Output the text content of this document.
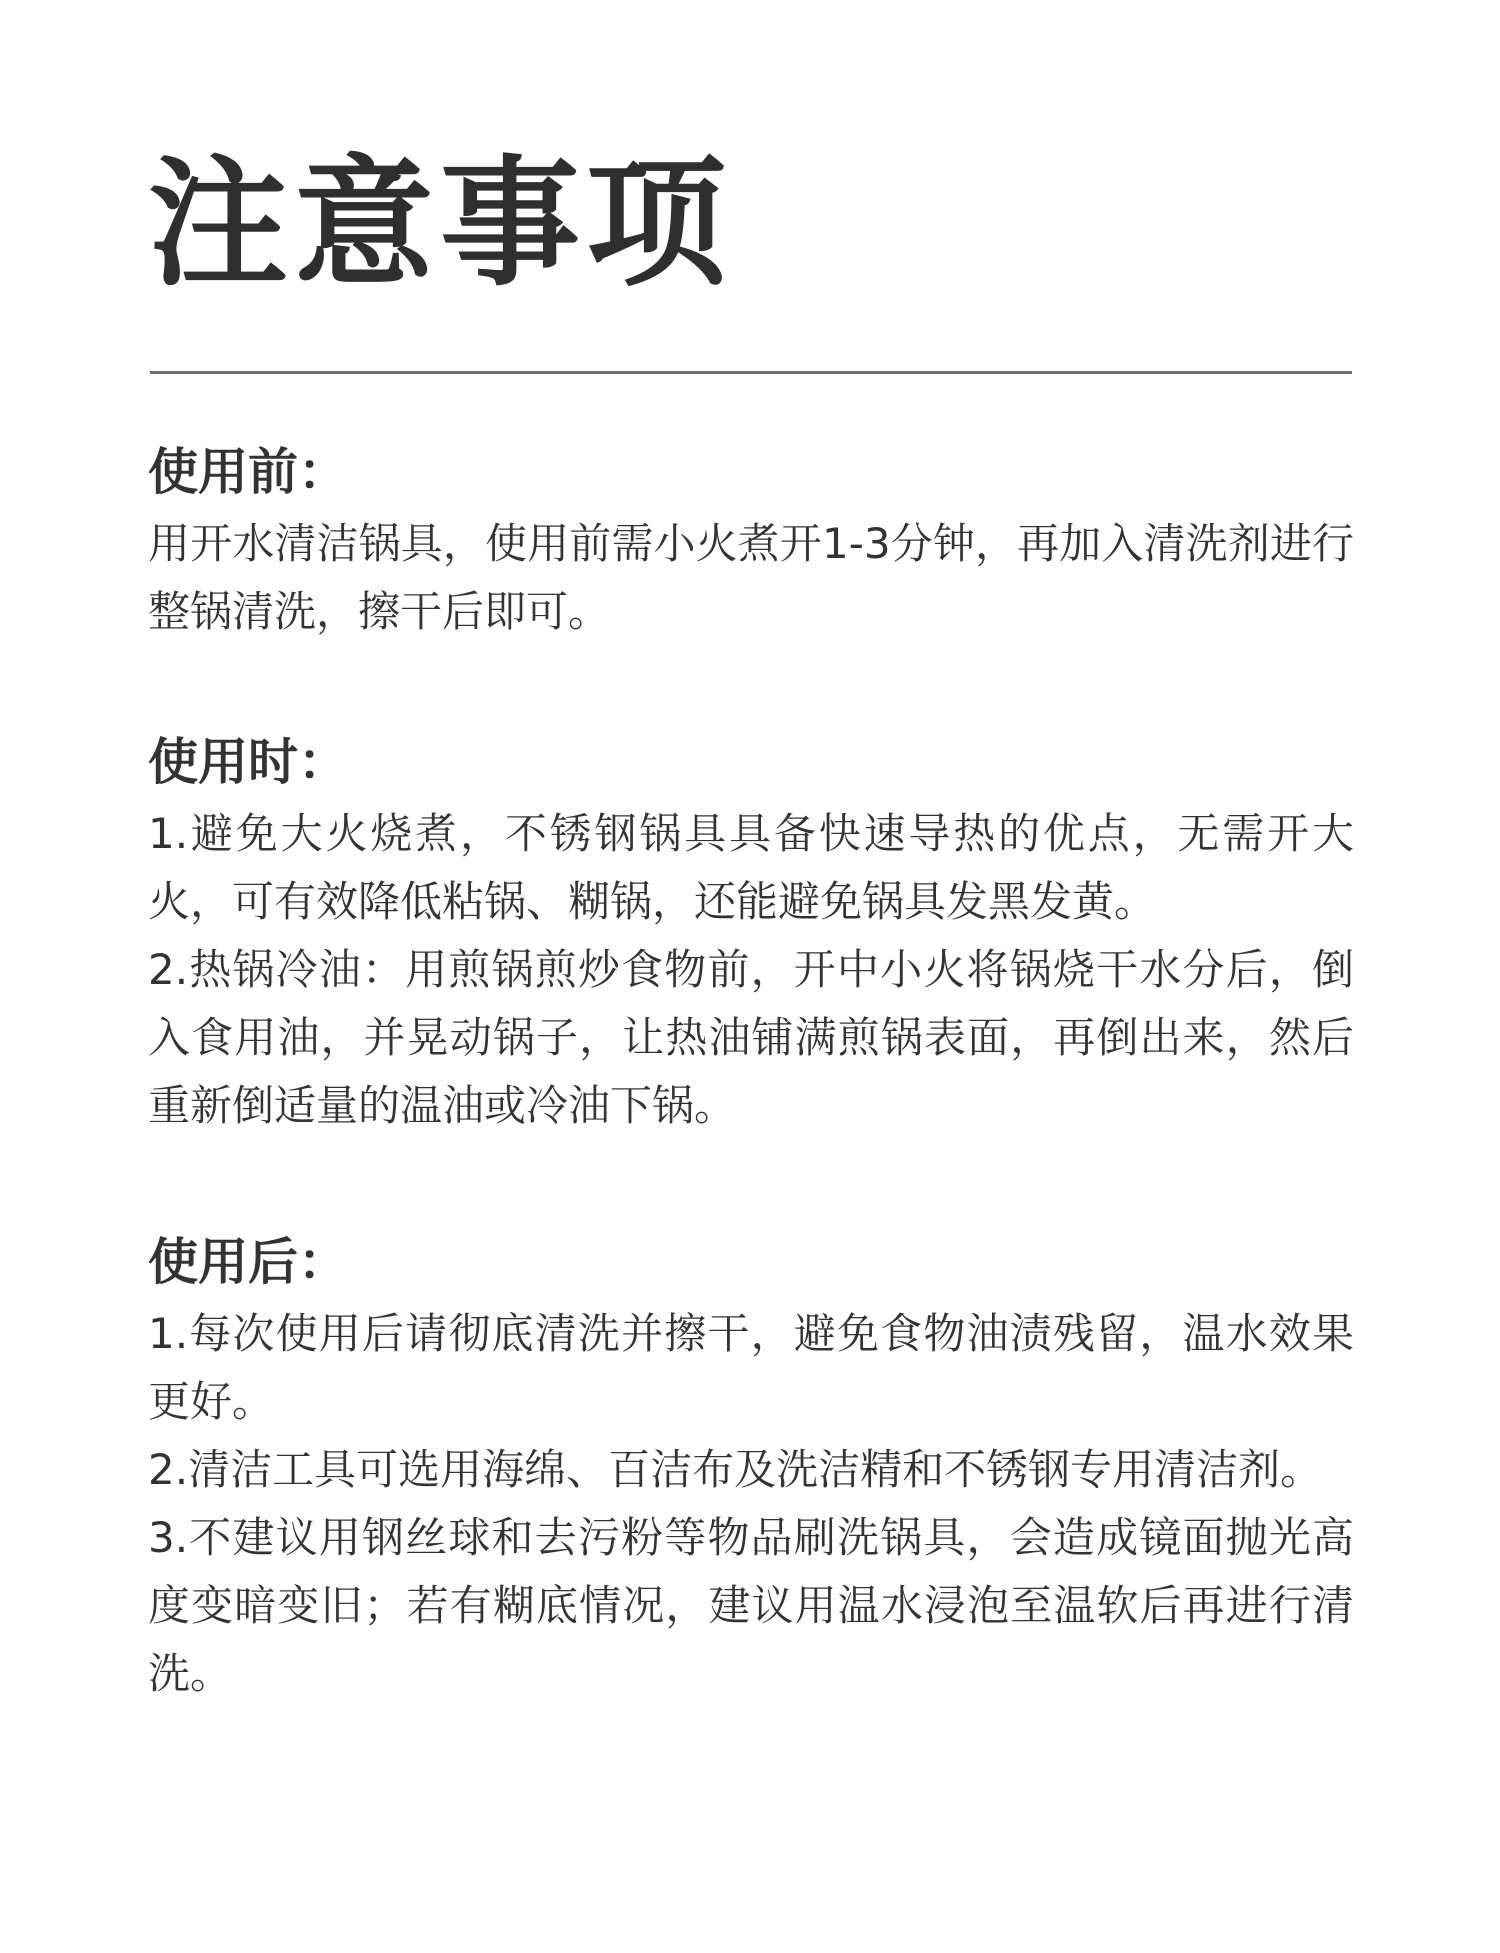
注意事项
使用前：

用开水清洁锅具，使用前需小火煮开1-3分钟，再加入清洗剂进行整锅清洗，擦干后即可。

使用时：

1.避免大火烧煮，不锈钢锅具具备快速导热的优点，无需开大火，可有效降低粘锅、糊锅，还能避免锅具发黑发黄。

2.热锅冷油：用煎锅煎炒食物前，开中小火将锅烧干水分后，倒入食用油，并晃动锅子，让热油铺满煎锅表面，再倒出来，然后重新倒适量的温油或冷油下锅。

使用后：

1.每次使用后请彻底清洗并擦干，避免食物油渍残留，温水效果更好。

2.清洁工具可选用海绵、百洁布及洗洁精和不锈钢专用清洁剂。

3.不建议用钢丝球和去污粉等物品刷洗锅具，会造成镜面抛光高度变暗变旧；若有糊底情况，建议用温水浸泡至温软后再进行清洗。
